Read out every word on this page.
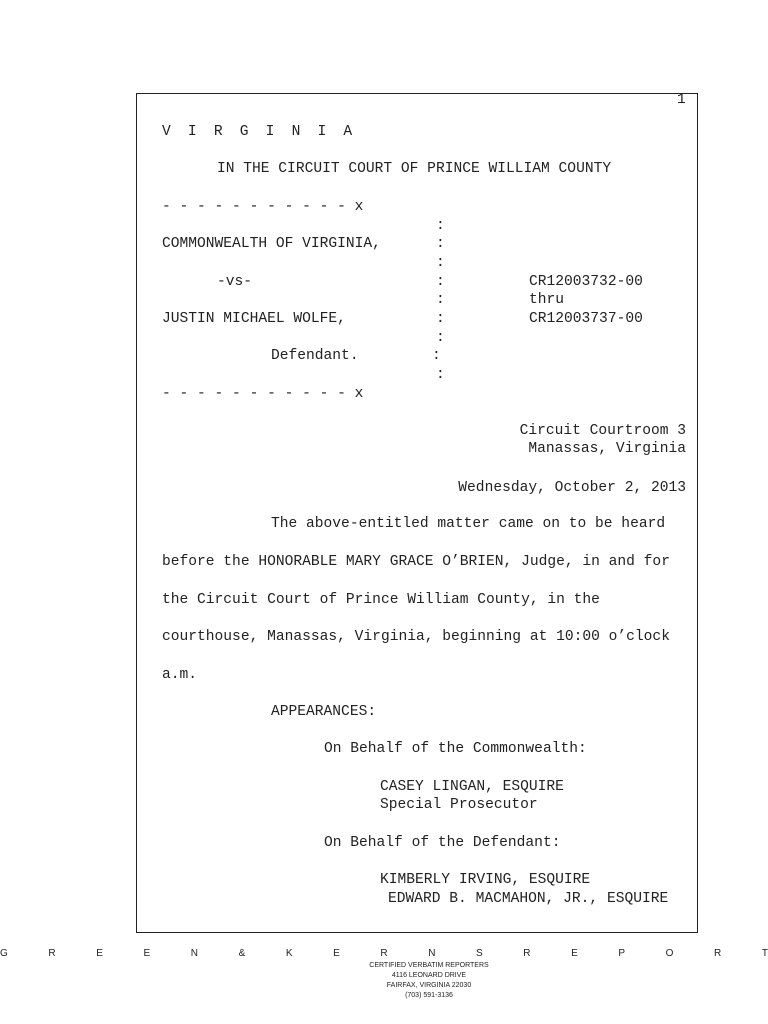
1

V I R G I N I A

IN THE CIRCUIT COURT OF PRINCE WILLIAM COUNTY

- - - - - - - - - - - x

:

COMMONWEALTH OF VIRGINIA,	:

:

-vs-	:	CR12003732-00

:	thru

JUSTIN MICHAEL WOLFE,	:	CR12003737-00

:

Defendant.	:

:

- - - - - - - - - - - x

Circuit Courtroom 3

Manassas, Virginia

Wednesday, October 2, 2013

The above-entitled matter came on to be heard

before the HONORABLE MARY GRACE O’BRIEN, Judge, in and for

the Circuit Court of Prince William County, in the

courthouse, Manassas, Virginia, beginning at 10:00 o’clock

a.m.

APPEARANCES:

On Behalf of the Commonwealth:

CASEY LINGAN, ESQUIRE

Special Prosecutor

On Behalf of the Defendant:

KIMBERLY IRVING, ESQUIRE

EDWARD B. MACMAHON, JR., ESQUIRE

G	R	E	E	N	&	K	E	R	N	S	R	E	P	O	R	T
CERTIFIED VERBATIM REPORTERS
4116 LEONARD DRIVE
FAIRFAX, VIRGINIA 22030
(703) 591-3136
